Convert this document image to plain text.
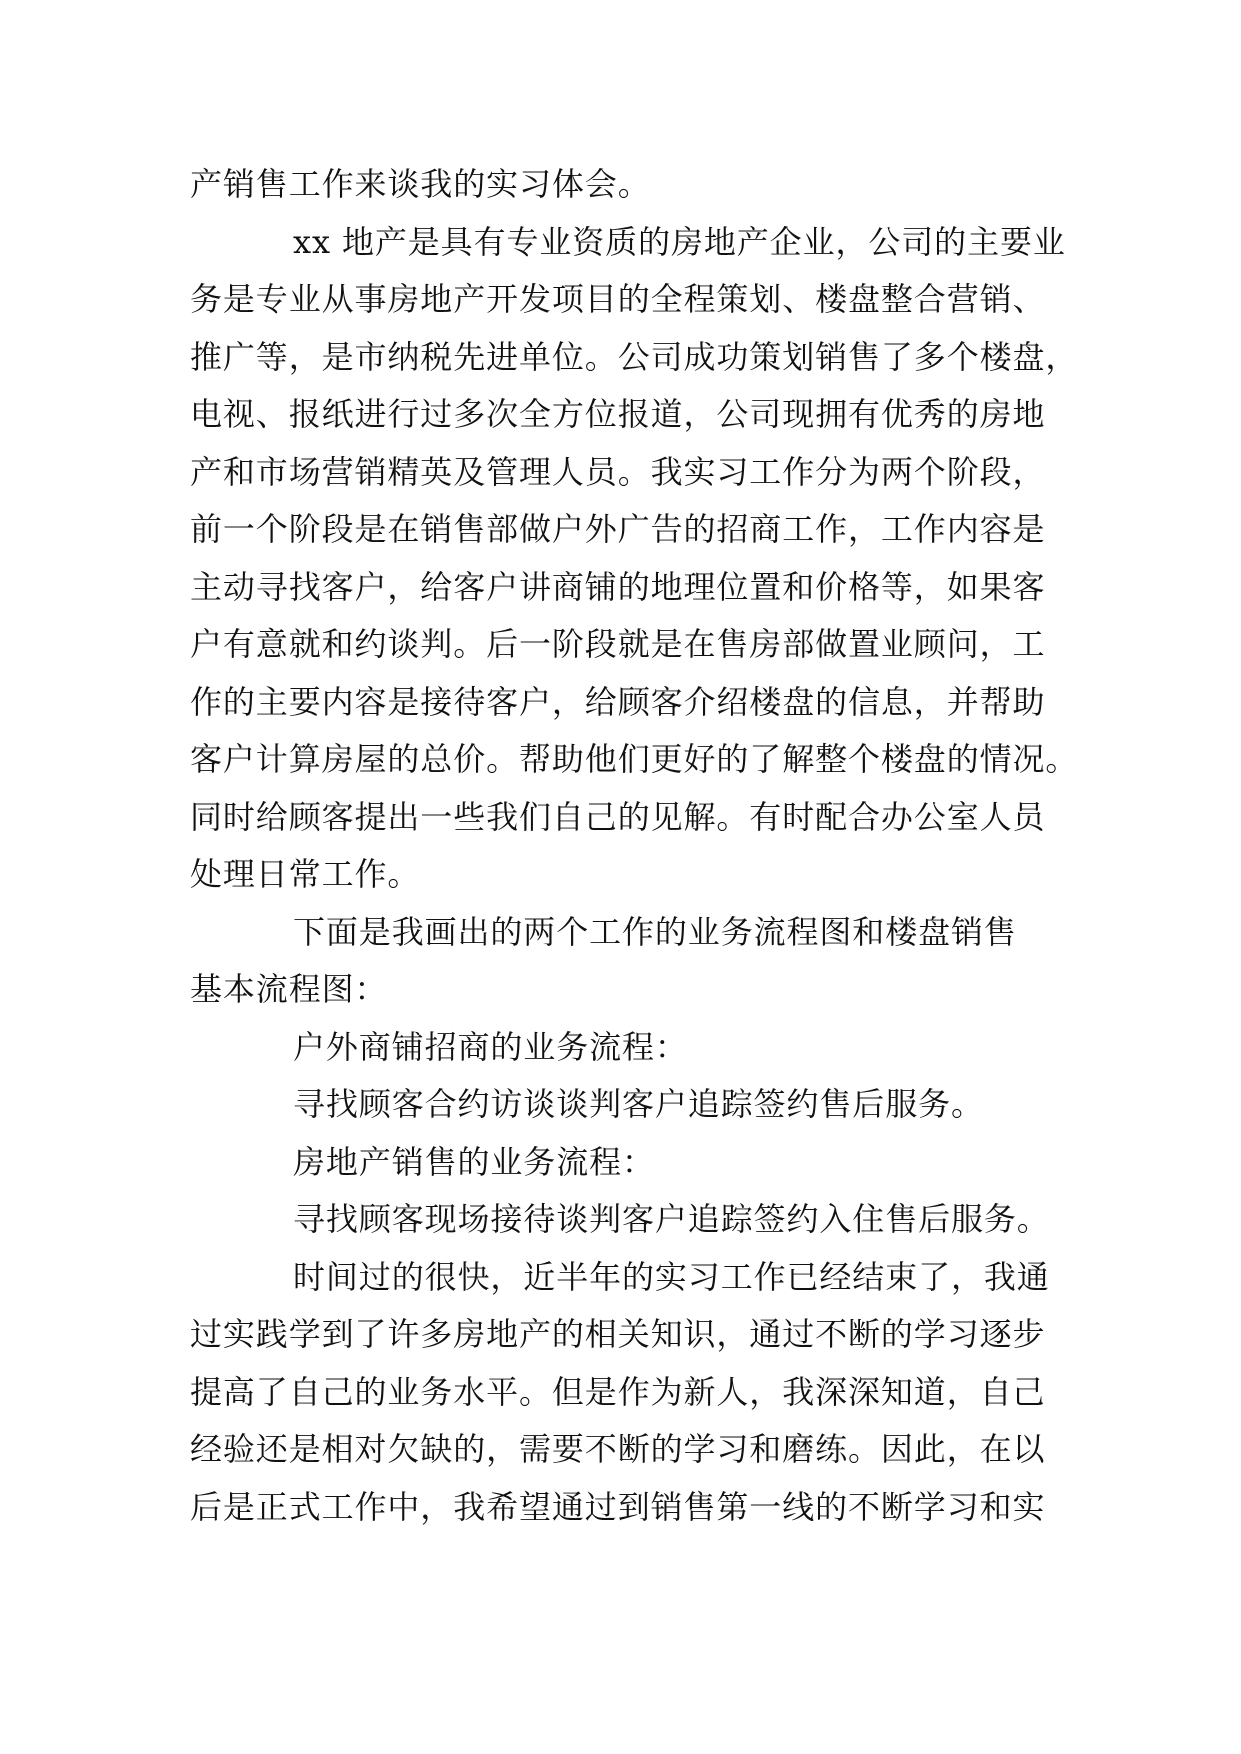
产销售工作来谈我的实习体会。
xx 地产是具有专业资质的房地产企业，公司的主要业
务是专业从事房地产开发项目的全程策划、楼盘整合营销、
推广等，是市纳税先进单位。公司成功策划销售了多个楼盘，
电视、报纸进行过多次全方位报道，公司现拥有优秀的房地
产和市场营销精英及管理人员。我实习工作分为两个阶段，
前一个阶段是在销售部做户外广告的招商工作，工作内容是
主动寻找客户，给客户讲商铺的地理位置和价格等，如果客
户有意就和约谈判。后一阶段就是在售房部做置业顾问，工
作的主要内容是接待客户，给顾客介绍楼盘的信息，并帮助
客户计算房屋的总价。帮助他们更好的了解整个楼盘的情况。
同时给顾客提出一些我们自己的见解。有时配合办公室人员
处理日常工作。
下面是我画出的两个工作的业务流程图和楼盘销售
基本流程图：
户外商铺招商的业务流程：
寻找顾客合约访谈谈判客户追踪签约售后服务。
房地产销售的业务流程：
寻找顾客现场接待谈判客户追踪签约入住售后服务。
时间过的很快，近半年的实习工作已经结束了，我通
过实践学到了许多房地产的相关知识，通过不断的学习逐步
提高了自己的业务水平。但是作为新人，我深深知道，自己
经验还是相对欠缺的，需要不断的学习和磨练。因此，在以
后是正式工作中，我希望通过到销售第一线的不断学习和实
